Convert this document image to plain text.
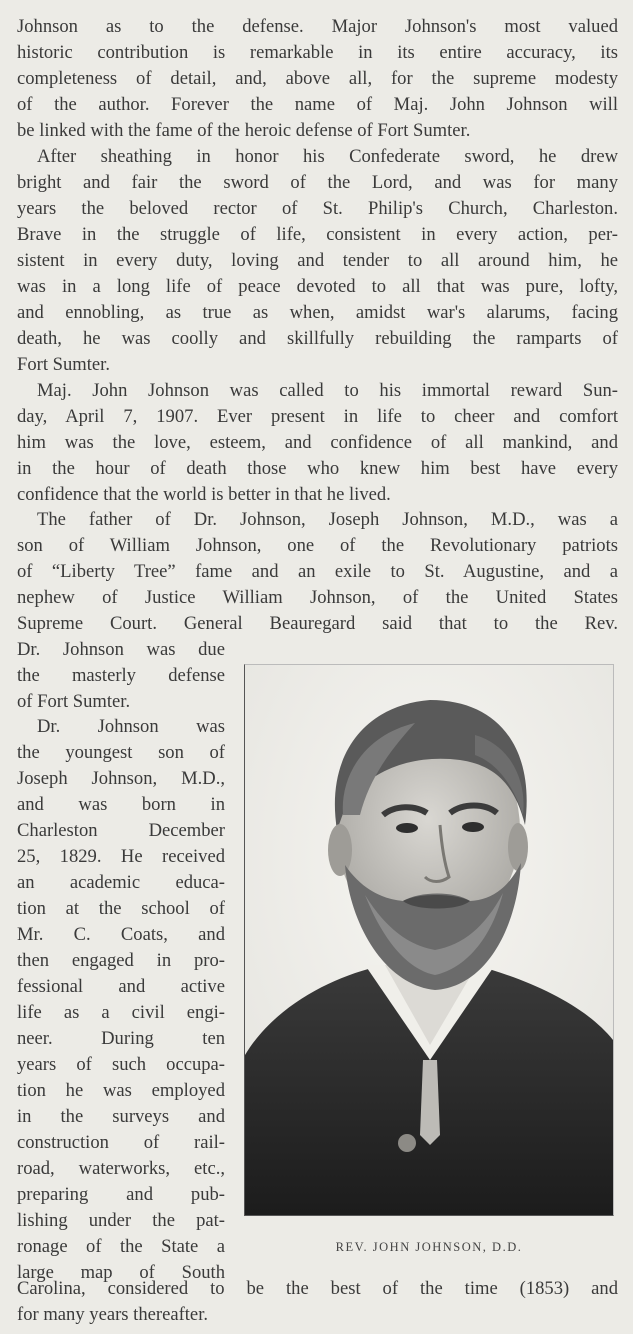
Johnson as to the defense. Major Johnson's most valued
historic contribution is remarkable in its entire accuracy, its
completeness of detail, and, above all, for the supreme modesty
of the author. Forever the name of Maj. John Johnson will
be linked with the fame of the heroic defense of Fort Sumter.
After sheathing in honor his Confederate sword, he drew
bright and fair the sword of the Lord, and was for many
years the beloved rector of St. Philip's Church, Charleston.
Brave in the struggle of life, consistent in every action, per-
sistent in every duty, loving and tender to all around him, he
was in a long life of peace devoted to all that was pure, lofty,
and ennobling, as true as when, amidst war's alarums, facing
death, he was coolly and skillfully rebuilding the ramparts of
Fort Sumter.
Maj. John Johnson was called to his immortal reward Sun-
day, April 7, 1907. Ever present in life to cheer and comfort
him was the love, esteem, and confidence of all mankind, and
in the hour of death those who knew him best have every
confidence that the world is better in that he lived.
The father of Dr. Johnson, Joseph Johnson, M.D., was a
son of William Johnson, one of the Revolutionary patriots
of “Liberty Tree” fame and an exile to St. Augustine, and a
nephew of Justice William Johnson, of the United States
Supreme Court. General Beauregard said that to the Rev.
Dr. Johnson was due
the masterly defense
of Fort Sumter.
Dr. Johnson was
the youngest son of
Joseph Johnson, M.D.,
and was born in
Charleston December
25, 1829. He received
an academic educa-
tion at the school of
Mr. C. Coats, and
then engaged in pro-
fessional and active
life as a civil engi-
neer. During ten
years of such occupa-
tion he was employed
in the surveys and
construction of rail-
road, waterworks, etc.,
preparing and pub-
lishing under the pat-
ronage of the State a
large map of South
Carolina, considered to be the best of the time (1853) and
for many years thereafter.
REV. JOHN JOHNSON, D.D.
